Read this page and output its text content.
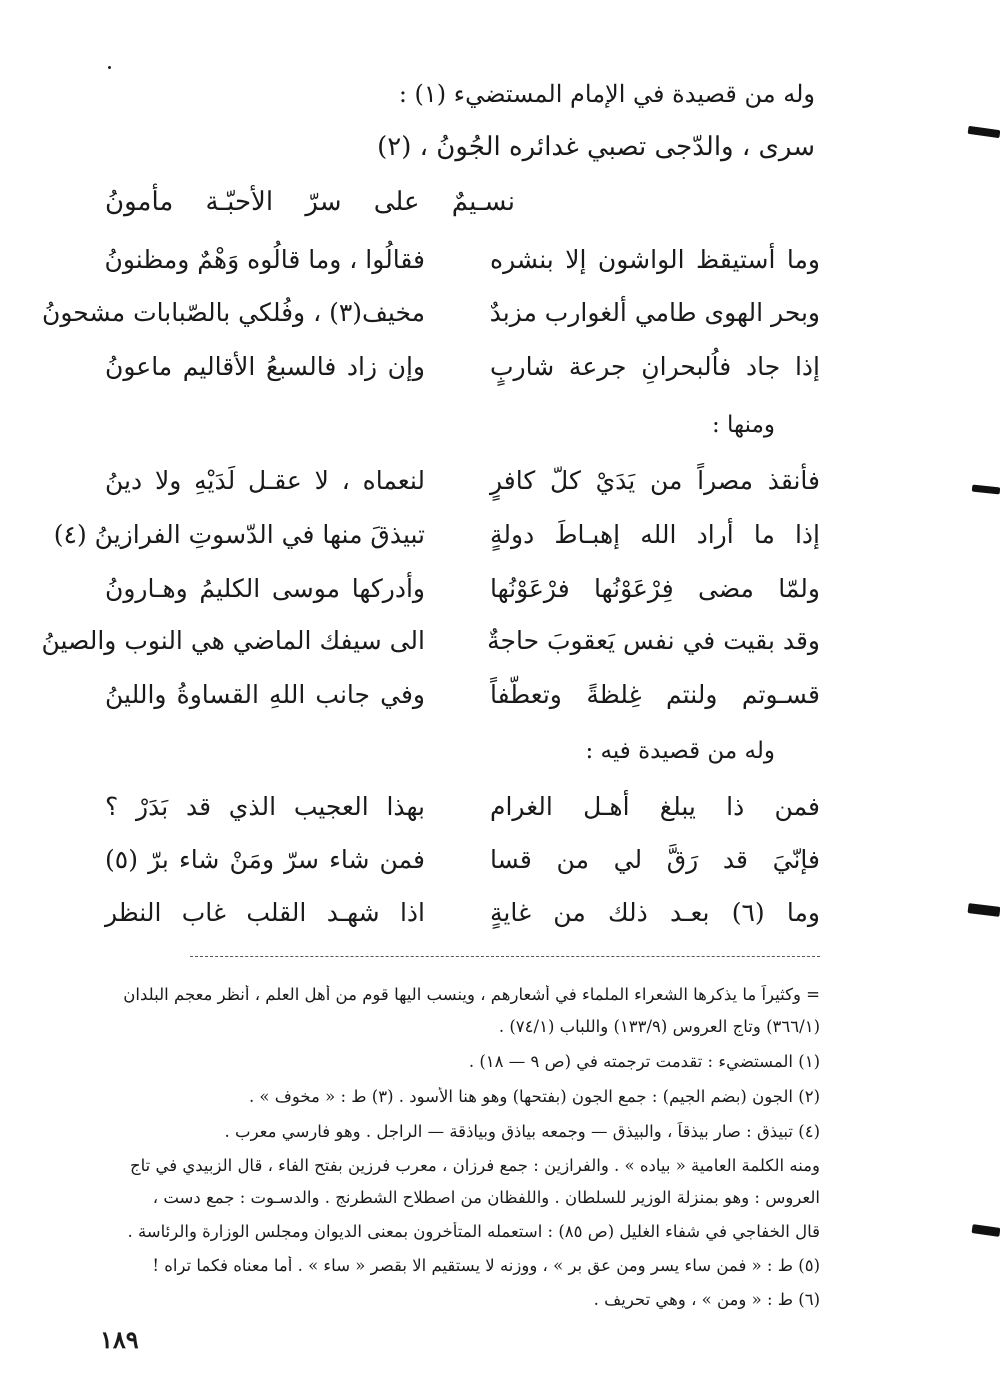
وله من قصيدة في الإمام المستضيء (١) :
سرى ، والدّجى تصبي غدائره الجُونُ ، (٢)
نسـيمٌ على سرّ الأحبّـة مأمونُ
وما أستيقظ الواشون إلا بنشره
فقالُوا ، وما قالُوه وَهْمٌ ومظنونُ
وبحر الهوى طامي ألغوارب مزبدٌ
مخيف(٣) ، وفُلكي بالصّبابات مشحونُ
إذا جاد فاُلبحرانِ جرعة شاربٍ
وإن زاد فالسبعُ الأقاليم ماعونُ
ومنها :
فأنقذ مصراً من يَدَيْ كلّ كافرٍ
لنعماه ، لا عقـل لَدَيْهِ ولا دينُ
إذا ما أراد الله إهبـاطَ دولةٍ
تبيذقَ منها في الدّسوتِ الفرازينُ (٤)
ولمّا مضى فِرْعَوْنُها فرْعَوْنُها
وأدركها موسى الكليمُ وهـارونُ
وقد بقيت في نفس يَعقوبَ حاجةٌ
الى سيفك الماضي هي النوب والصينُ
قسـوتم ولنتم غِلظةً وتعطّفاً
وفي جانب اللهِ القساوةُ واللينُ
وله من قصيدة فيه :
فمن ذا يبلغ أهـل الغرام
بهذا العجيب الذي قد بَدَرْ ؟
فإنّيَ قد رَقَّ لي من قسا
فمن شاء سرّ ومَنْ شاء برّ (٥)
وما (٦) بعـد ذلك من غايةٍ
اذا شهـد القلب غاب النظر
= وكثيراً ما يذكرها الشعراء الملماء في أشعارهم ، وينسب اليها قوم من أهل العلم ، أنظر معجم البلدان
(٣٦٦/١) وتاج العروس (١٣٣/٩) واللباب (٧٤/١) .
(١) المستضيء : تقدمت ترجمته في (ص ٩ — ١٨) .
(٢) الجون (بضم الجيم) : جمع الجون (بفتحها) وهو هنا الأسود . (٣) ط : « مخوف » .
(٤) تبيذق : صار بيذقاً ، والبيذق — وجمعه بياذق وبياذقة — الراجل . وهو فارسي معرب .
ومنه الكلمة العامية « بياده » . والفرازين : جمع فرزان ، معرب فرزين بفتح الفاء ، قال الزبيدي في تاج
العروس : وهو بمنزلة الوزير للسلطان . واللفظان من اصطلاح الشطرنج . والدسـوت : جمع دست ،
قال الخفاجي في شفاء الغليل (ص ٨٥) : استعمله المتأخرون بمعنى الديوان ومجلس الوزارة والرئاسة .
(٥) ط : « فمن ساء يسر ومن عق بر » ، ووزنه لا يستقيم الا بقصر « ساء » . أما معناه فكما تراه !
(٦) ط : « ومن » ، وهي تحريف .
١٨٩
